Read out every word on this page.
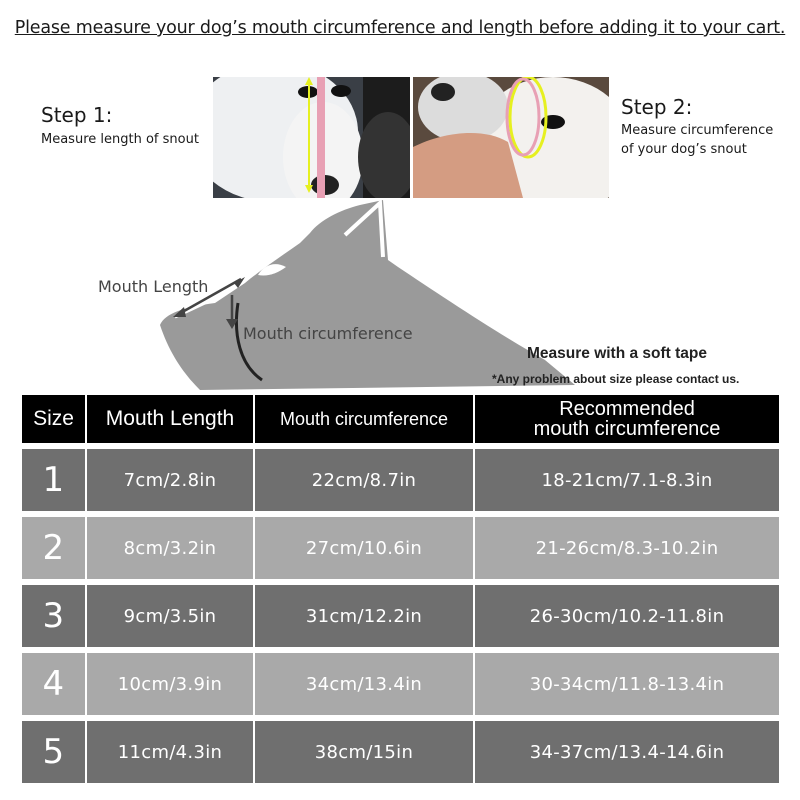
Please measure your dog’s mouth circumference and length before adding it to your cart.
Step 1:
Measure length of snout
Step 2:
Measure circumference
of your dog’s snout
Mouth Length
Mouth circumference
Measure with a soft tape
*Any problem about size please contact us.
Size	Mouth Length	Mouth circumference	Recommended
mouth circumference

1	7cm/2.8in	22cm/8.7in	18-21cm/7.1-8.3in
2	8cm/3.2in	27cm/10.6in	21-26cm/8.3-10.2in
3	9cm/3.5in	31cm/12.2in	26-30cm/10.2-11.8in
4	10cm/3.9in	34cm/13.4in	30-34cm/11.8-13.4in
5	11cm/4.3in	38cm/15in	34-37cm/13.4-14.6in
